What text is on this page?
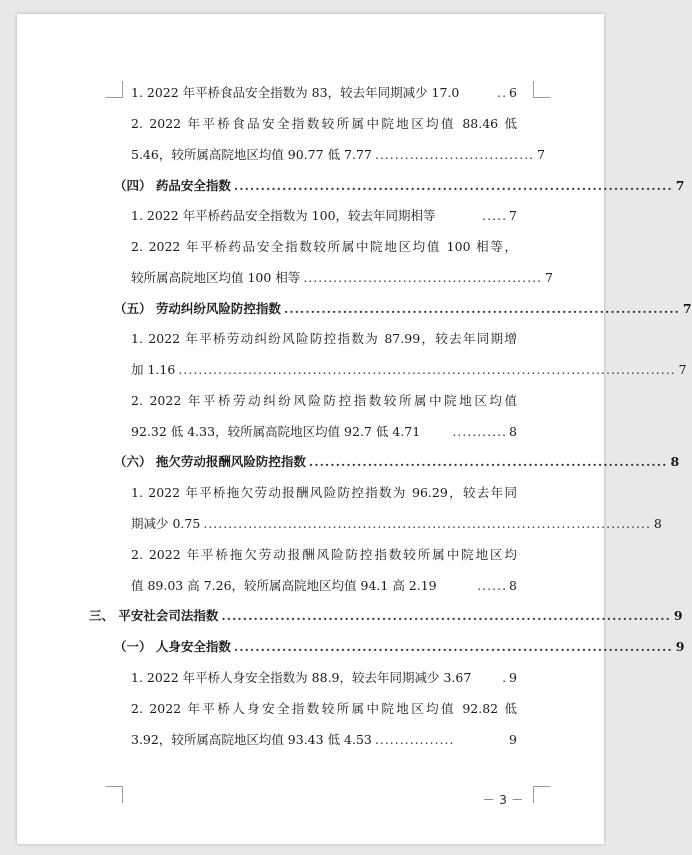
1. 2022 年平桥食品安全指数为 83，较去年同期减少 17.0	.. 6
2. 2022 年平桥食品安全指数较所属中院地区均值 88.46 低
5.46，较所属高院地区均值 90.77 低 7.77 ................................ 7
（四） 药品安全指数 .................................................................................. 7
1. 2022 年平桥药品安全指数为 100，较去年同期相等	..... 7
2. 2022 年平桥药品安全指数较所属中院地区均值 100 相等，
较所属高院地区均值 100 相等 ................................................ 7
（五） 劳动纠纷风险防控指数 .......................................................................... 7
1. 2022 年平桥劳动纠纷风险防控指数为 87.99，较去年同期增
加 1.16 .................................................................................................... 7
2. 2022 年平桥劳动纠纷风险防控指数较所属中院地区均值
92.32 低 4.33，较所属高院地区均值 92.7 低 4.71	........... 8
（六） 拖欠劳动报酬风险防控指数 ................................................................... 8
1. 2022 年平桥拖欠劳动报酬风险防控指数为 96.29，较去年同
期减少 0.75 .......................................................................................... 8
2. 2022 年平桥拖欠劳动报酬风险防控指数较所属中院地区均
值 89.03 高 7.26，较所属高院地区均值 94.1 高 2.19	...... 8
三、 平安社会司法指数 .................................................................................... 9
（一） 人身安全指数 .................................................................................. 9
1. 2022 年平桥人身安全指数为 88.9，较去年同期减少 3.67	. 9
2. 2022 年平桥人身安全指数较所属中院地区均值 92.82 低
3.92，较所属高院地区均值 93.43 低 4.53 ................	9
－ 3 －
